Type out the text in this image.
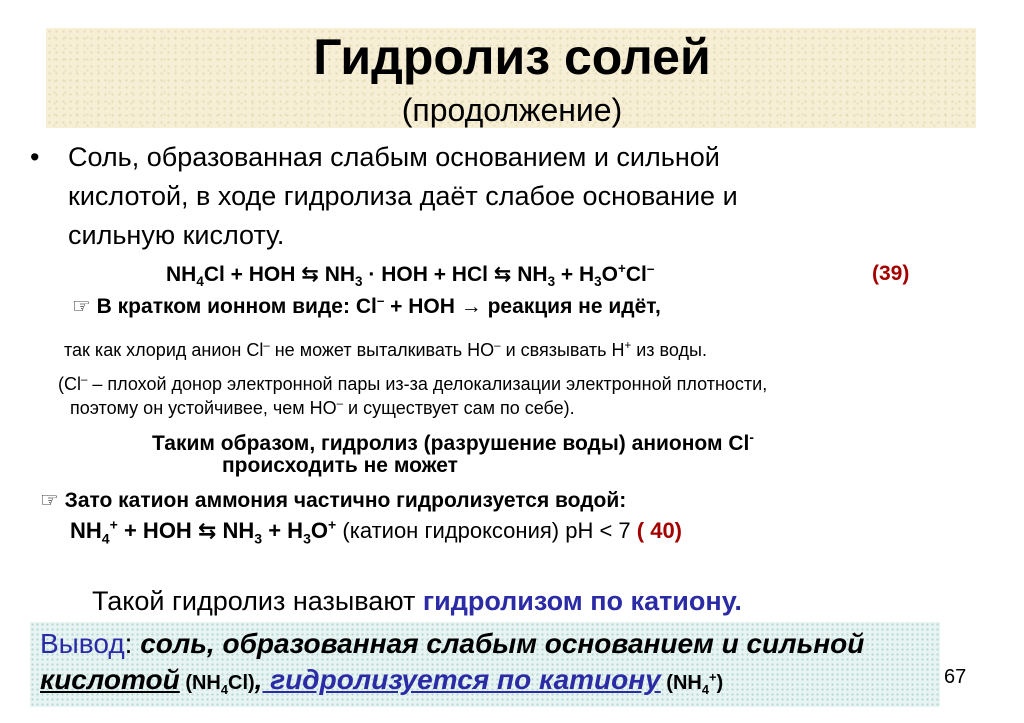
Гидролиз солей
(продолжение)
• Соль, образованная слабым основанием и сильной
кислотой, в ходе гидролиза даёт слабое основание и
сильную кислоту.
$NH_4Cl$ + HOH ⇆ $NH_3$ · HOH + HCl ⇆ $NH_3 + H_3O^+Cl^-$	(39)
☞ В кратком ионном виде: Cl– + HOH → реакция не идёт,
так как хлорид анион Cl– не может выталкивать HO– и связывать H+ из воды.
(Cl– – плохой донор электронной пары из-за делокализации электронной плотности,
поэтому он устойчивее, чем HO– и существует сам по себе).
Таким образом, гидролиз (разрушение воды) анионом Cl-
происходить не может
☞ Зато катион аммония частично гидролизуется водой:
$NH_4^+$ + HOH ⇆ $NH_3 + H_3O^+$ (катион гидроксония) pH < 7 ( 40)
Такой гидролиз называют гидролизом по катиону.
Вывод: соль, образованная слабым основанием и сильной
кислотой $(NH_4Cl)$, гидролизуется по катиону $(NH_4^+)$	67
